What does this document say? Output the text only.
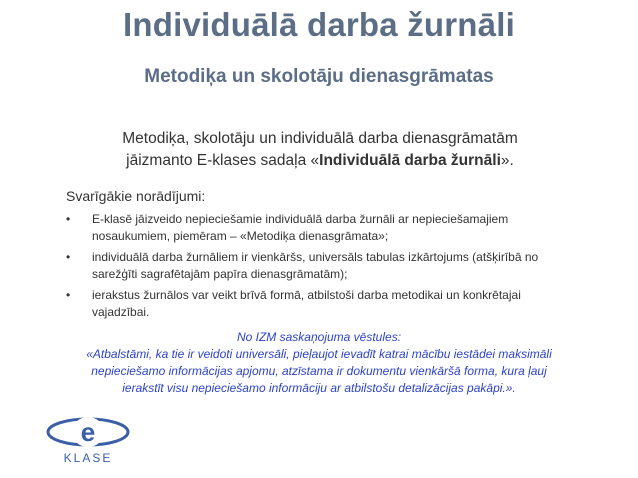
Individuālā darba žurnāli
Metodiķa un skolotāju dienasgrāmatas
Metodiķa, skolotāju un individuālā darba dienasgrāmatām jāizmanto E-klases sadaļa «Individuālā darba žurnāli».
Svarīgākie norādījumi:
• E-klasē jāizveido nepieciešamie individuālā darba žurnāli ar nepieciešamajiem nosaukumiem, piemēram – «Metodiķa dienasgrāmata»;
• individuālā darba žurnāliem ir vienkāršs, universāls tabulas izkārtojums (atšķirībā no sarežģīti sagrafētajām papīra dienasgrāmatām);
• ierakstus žurnālos var veikt brīvā formā, atbilstoši darba metodikai un konkrētajai vajadzībai.
No IZM saskaņojuma vēstules:
«Atbalstāmi, ka tie ir veidoti universāli, pieļaujot ievadīt katrai mācību iestādei maksimāli nepieciešamo informācijas apjomu, atzīstama ir dokumentu vienkāršā forma, kura ļauj ierakstīt visu nepieciešamo informāciju ar atbilstošu detalizācijas pakāpi.».
e
KLASE
